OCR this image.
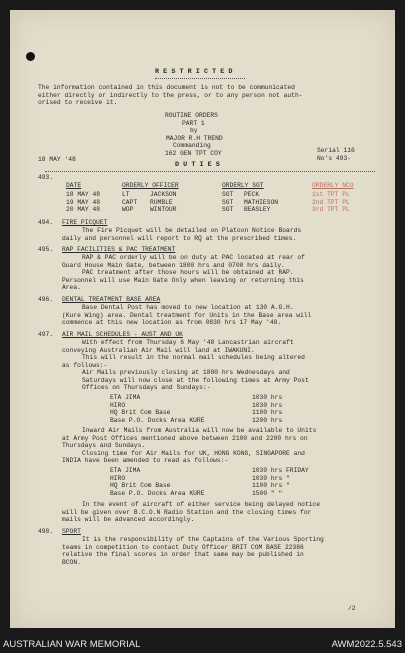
R E S T R I C T E D
The information contained in this document is not to be communicated
either directly or indirectly to the press, or to any person not auth-
orised to receive it.
ROUTINE ORDERS
PART 1
by
MAJOR R.H TREND
Commanding
162 GEN TPT COY	Serial 116
No's 493-
18 MAY '48
D U T I E S
493.
DATE	ORDERLY OFFICER	ORDERLY SGT	ORDERLY NCO
18 MAY 48	LT	JACKSON	SGT PECK	1st TPT PL
19 MAY 48	CAPT RUMBLE	SGT MATHIESON	2nd TPT PL
20 MAY 48	WOP	WINTOUR	SGT BEASLEY	3rd TPT PL
494. FIRE PICQUET
The Fire Picquet will be detailed on Platoon Notice Boards
daily and personnel will report to RQ at the prescribed times.
495. RAP FACILITIES & PAC TREATMENT
RAP & PAC orderly will be on duty at PAC located at rear of
Guard House Main Gate, between 1800 hrs and 0700 hrs daily.
PAC treatment after those hours will be obtained at RAP.
Personnel will use Main Gate Only when leaving or returning this
Area.
496. DENTAL TREATMENT BASE AREA
Base Dental Post has moved to new location at 130 A.G.H.
(Kure Wing) area. Dental treatment for Units in the Base area will
commence at this new location as from 0830 hrs 17 May '48.
497. AIR MAIL SCHEDULES - AUST AND UK
With effect from Thursday 6 May '48 Lancastrian aircraft
conveying Australian Air Mail will land at IWAKUNI.
This will result in the normal mail schedules being altered
as follows:-
Air Mails previously closing at 1800 hrs Wednesdays and
Saturdays will now close at the following times at Army Post
Offices on Thursdays and Sundays:-
ETA JIMA	1030 hrs
HIRO	1030 hrs
HQ Brit Com Base	1100 hrs
Base P.O. Docks Area KURE	1200 hrs
Inward Air Mails from Australia will now be available to Units
at Army Post Offices mentioned above between 2100 and 2200 hrs on
Thursdays and Sundays.
Closing time for Air Mails for UK, HONG KONG, SINGAPORE and
INDIA have been amended to read as follows:-
ETA JIMA	1030 hrs FRIDAY
HIRO	1030 hrs "
HQ Brit Com Base	1100 hrs "
Base P.O. Docks Area KURE	1500 " "
In the event of aircraft of either service being delayed notice
will be given over B.C.O.N Radio Station and the closing times for
mails will be advanced accordingly.
498. SPORT
It is the responsibility of the Captains of the Various Sporting
teams in competition to contact Duty Officer BRIT COM BASE 22386
relative the final scores in order that same may be published in
BCON.
/2
AUSTRALIAN WAR MEMORIAL	AWM2022.5.543
